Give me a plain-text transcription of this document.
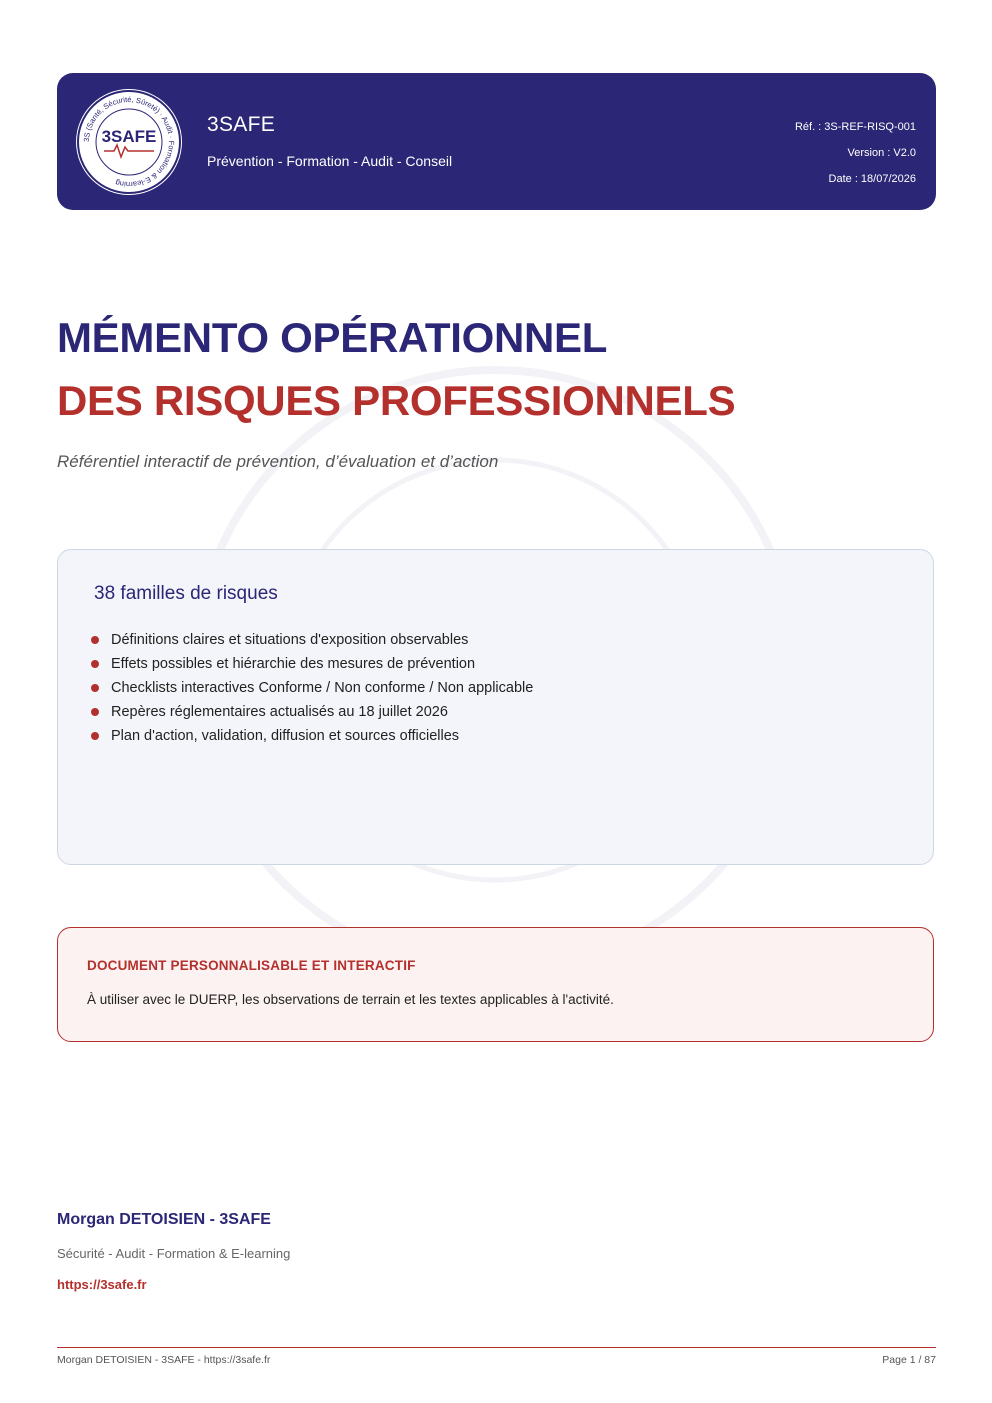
3S (Santé, Sécurité, Sûreté) · Audit · Formation & E-learning
3SAFE
3SAFE
Prévention - Formation - Audit - Conseil
Réf. : 3S-REF-RISQ-001
Version : V2.0
Date : 18/07/2026
MÉMENTO OPÉRATIONNEL
DES RISQUES PROFESSIONNELS
Référentiel interactif de prévention, d’évaluation et d’action
38 familles de risques
Définitions claires et situations d'exposition observables
Effets possibles et hiérarchie des mesures de prévention
Checklists interactives Conforme / Non conforme / Non applicable
Repères réglementaires actualisés au 18 juillet 2026
Plan d'action, validation, diffusion et sources officielles
DOCUMENT PERSONNALISABLE ET INTERACTIF
À utiliser avec le DUERP, les observations de terrain et les textes applicables à l'activité.
Morgan DETOISIEN - 3SAFE
Sécurité - Audit - Formation & E-learning
https://3safe.fr
Morgan DETOISIEN - 3SAFE - https://3safe.fr	Page 1 / 87
